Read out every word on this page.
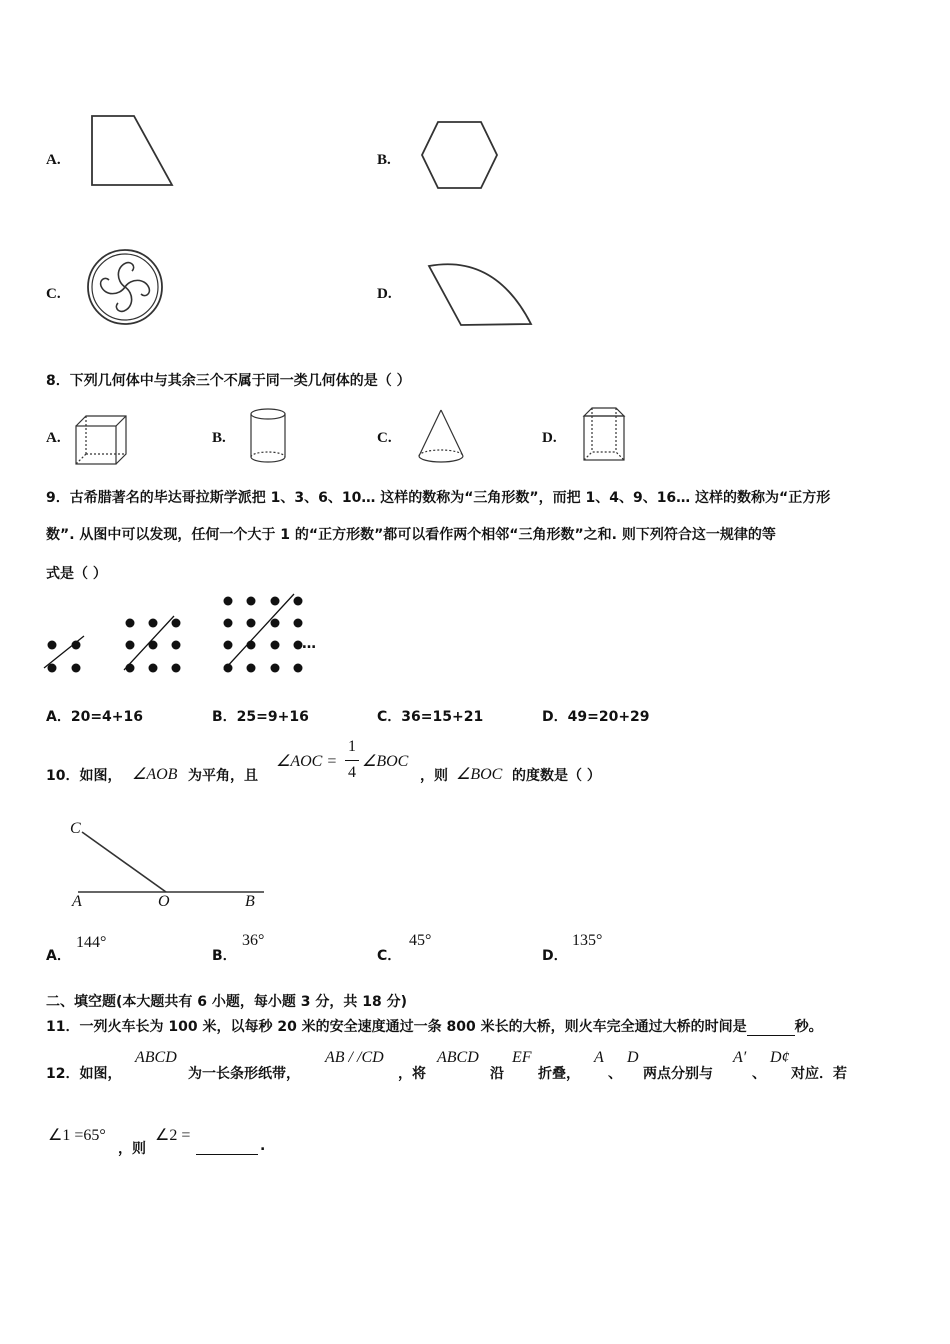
A.	B.
C.	D.
8．下列几何体中与其余三个不属于同一类几何体的是（ ）
A.	B.	C.	D.
9．古希腊著名的毕达哥拉斯学派把 1、3、6、10… 这样的数称为“三角形数”，而把 1、4、9、16… 这样的数称为“正方形
数”. 从图中可以发现，任何一个大于 1 的“正方形数”都可以看作两个相邻“三角形数”之和. 则下列符合这一规律的等
式是（ ）
…
A．20=4+16	B．25=9+16	C．36=15+21	D．49=20+29
10．如图， ∠AOB 为平角，且
∠AOC =
1
4
∠BOC
，则 ∠BOC 的度数是（ ）
C
A	O	B
A．
144°
B．
36°
C．
45°
D．
135°
二、填空题(本大题共有 6 小题，每小题 3 分，共 18 分)
11．一列火车长为 100 米，以每秒 20 米的安全速度通过一条 800 米长的大桥，则火车完全通过大桥的时间是	秒。
12．如图，
ABCD
为一长条形纸带，
AB / /CD
，将
ABCD
沿
EF
折叠，
A
、
D
两点分别与
A′
、
D¢
对应．若
∠1 =65°
，则
∠2 =
.
